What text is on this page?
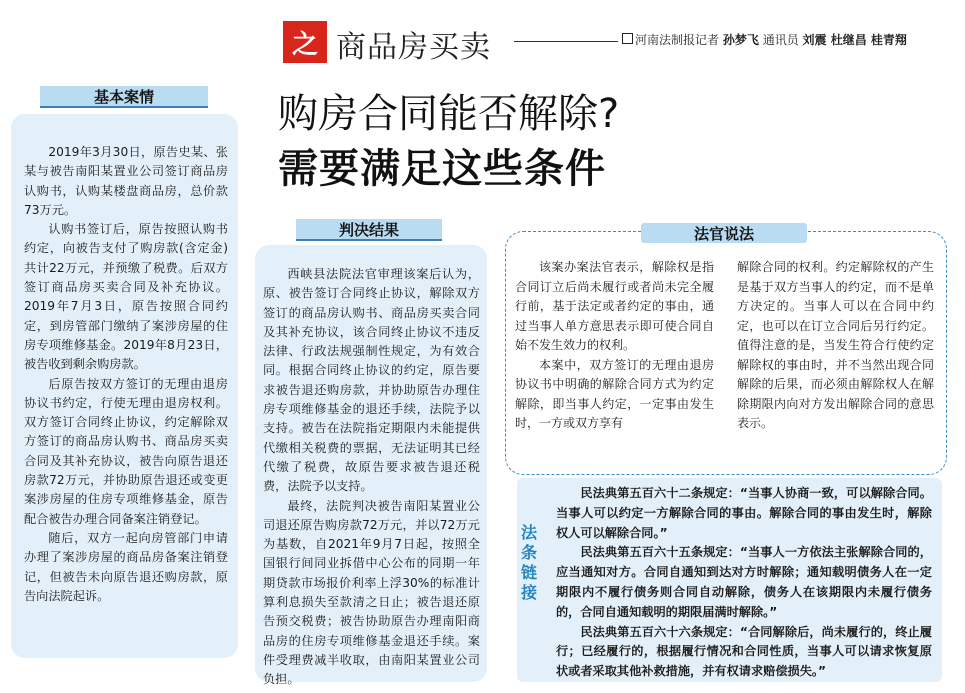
之 商品房买卖	河南法制报记者 孙梦飞 通讯员 刘震 杜继昌 桂青翔
购房合同能否解除?
需要满足这些条件
基本案情

2019年3月30日，原告史某、张某与被告南阳某置业公司签订商品房认购书，认购某楼盘商品房，总价款73万元。

认购书签订后，原告按照认购书约定，向被告支付了购房款(含定金)共计22万元，并预缴了税费。后双方签订商品房买卖合同及补充协议。2019年7月3日，原告按照合同约定，到房管部门缴纳了案涉房屋的住房专项维修基金。2019年8月23日，被告收到剩余购房款。

后原告按双方签订的无理由退房协议书约定，行使无理由退房权利。双方签订合同终止协议，约定解除双方签订的商品房认购书、商品房买卖合同及其补充协议，被告向原告退还房款72万元，并协助原告退还或变更案涉房屋的住房专项维修基金，原告配合被告办理合同备案注销登记。

随后，双方一起向房管部门申请办理了案涉房屋的商品房备案注销登记，但被告未向原告退还购房款，原告向法院起诉。

判决结果

西峡县法院法官审理该案后认为，原、被告签订合同终止协议，解除双方签订的商品房认购书、商品房买卖合同及其补充协议，该合同终止协议不违反法律、行政法规强制性规定，为有效合同。根据合同终止协议的约定，原告要求被告退还购房款，并协助原告办理住房专项维修基金的退还手续，法院予以支持。被告在法院指定期限内未能提供代缴相关税费的票据，无法证明其已经代缴了税费，故原告要求被告退还税费，法院予以支持。

最终，法院判决被告南阳某置业公司退还原告购房款72万元，并以72万元为基数，自2021年9月7日起，按照全国银行间同业拆借中心公布的同期一年期贷款市场报价利率上浮30%的标准计算利息损失至款清之日止；被告退还原告预交税费；被告协助原告办理南阳商品房的住房专项维修基金退还手续。案件受理费减半收取，由南阳某置业公司负担。

法官说法

该案办案法官表示，解除权是指合同订立后尚未履行或者尚未完全履行前，基于法定或者约定的事由，通过当事人单方意思表示即可使合同自始不发生效力的权利。

本案中，双方签订的无理由退房协议书中明确的解除合同方式为约定解除，即当事人约定，一定事由发生时，一方或双方享有

解除合同的权利。约定解除权的产生是基于双方当事人的约定，而不是单方决定的。当事人可以在合同中约定，也可以在订立合同后另行约定。值得注意的是，当发生符合行使约定解除权的事由时，并不当然出现合同解除的后果，而必须由解除权人在解除期限内向对方发出解除合同的意思表示。

法条链接

民法典第五百六十二条规定：“当事人协商一致，可以解除合同。当事人可以约定一方解除合同的事由。解除合同的事由发生时，解除权人可以解除合同。”

民法典第五百六十五条规定：“当事人一方依法主张解除合同的，应当通知对方。合同自通知到达对方时解除；通知载明债务人在一定期限内不履行债务则合同自动解除，债务人在该期限内未履行债务的，合同自通知载明的期限届满时解除。”

民法典第五百六十六条规定：“合同解除后，尚未履行的，终止履行；已经履行的，根据履行情况和合同性质，当事人可以请求恢复原状或者采取其他补救措施，并有权请求赔偿损失。”
